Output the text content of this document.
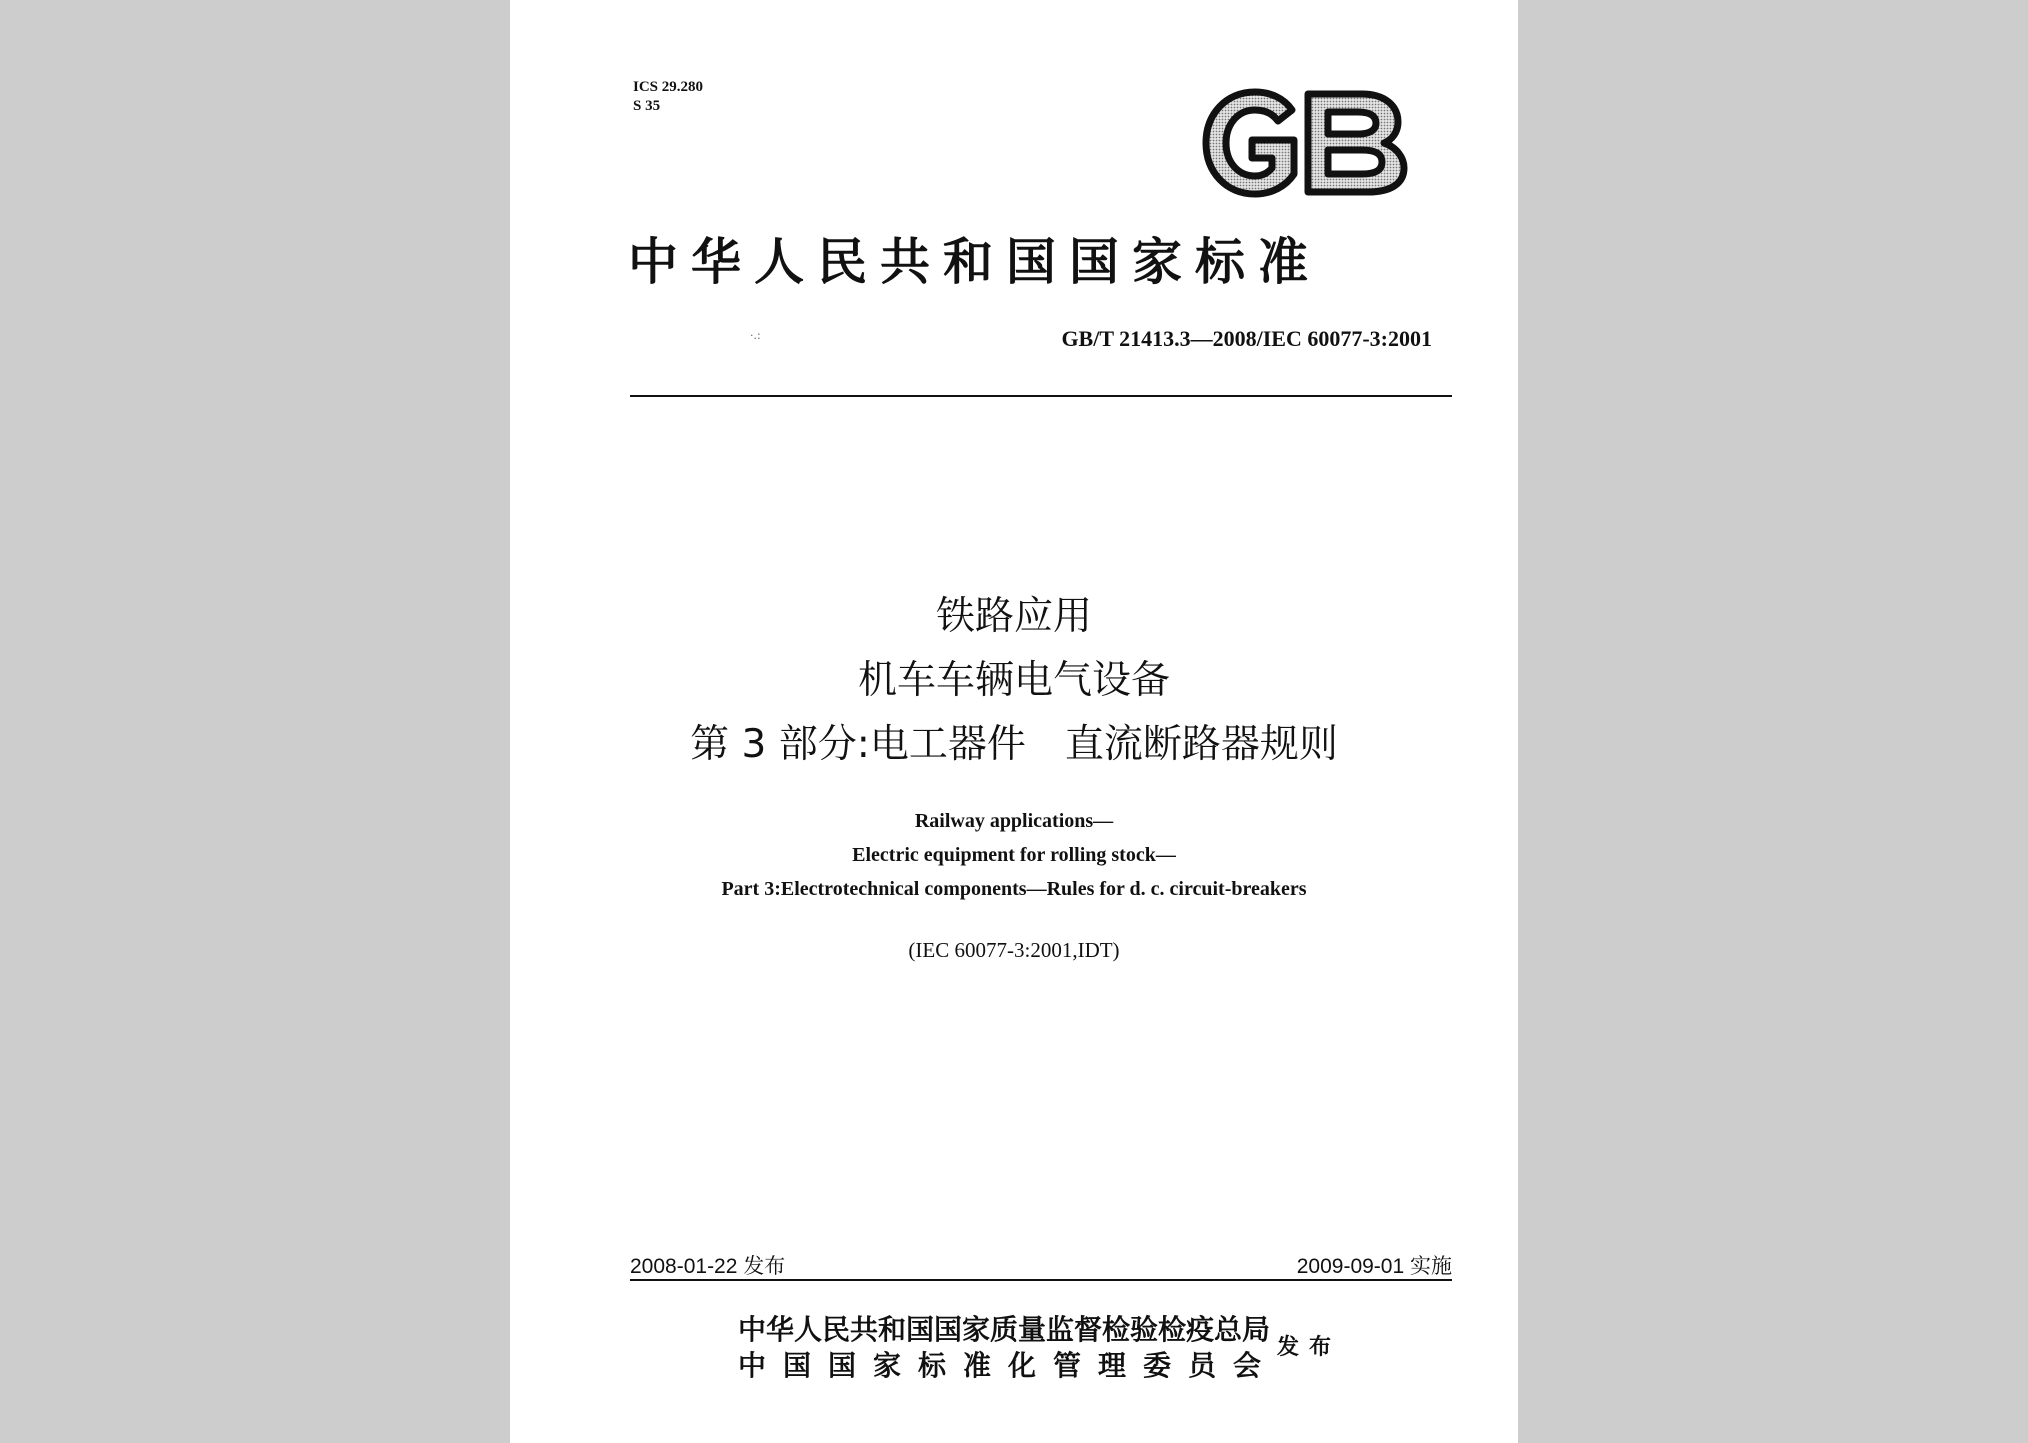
ICS 29.280
S 35
中华人民共和国国家标准
·.:	GB/T 21413.3—2008/IEC 60077-3:2001
铁路应用
机车车辆电气设备
第 3 部分:电工器件　直流断路器规则
Railway applications—
Electric equipment for rolling stock—
Part 3:Electrotechnical components—Rules for d. c. circuit-breakers
(IEC 60077-3:2001,IDT)
2008-01-22 发布	2009-09-01 实施
中华人民共和国国家质量监督检验检疫总局
中国国家标准化管理委员会
发布
